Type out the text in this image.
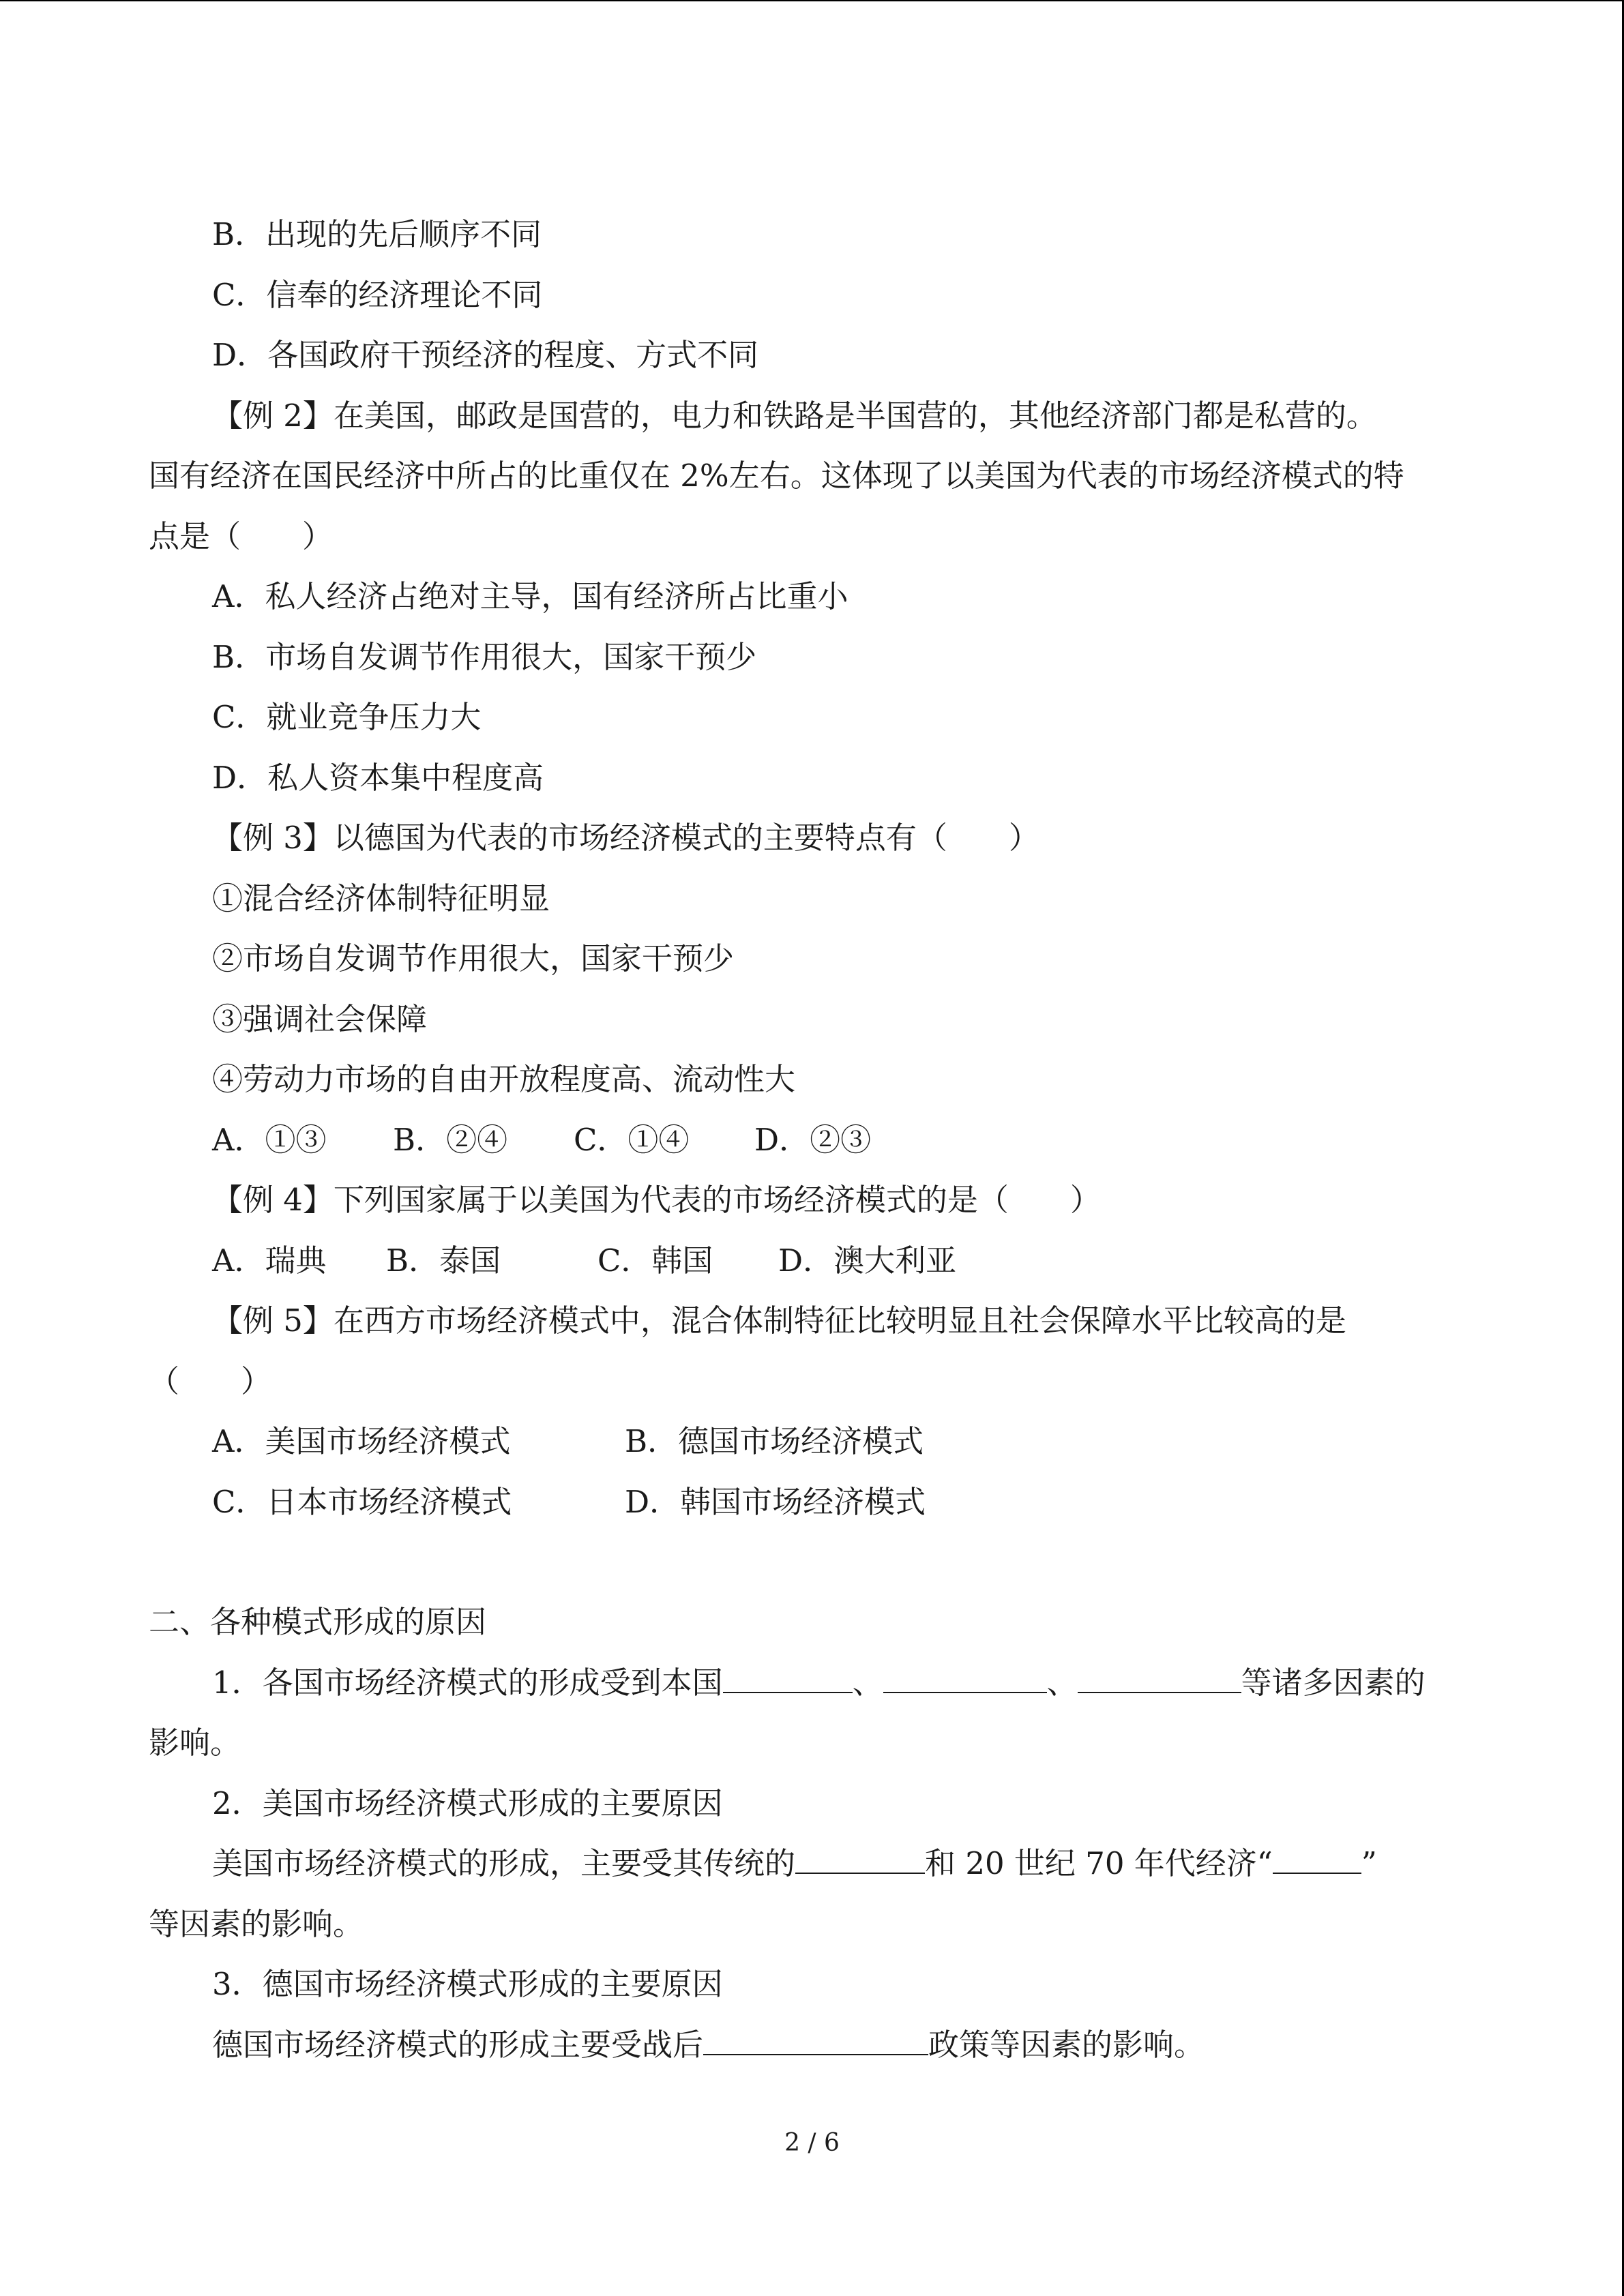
B．出现的先后顺序不同
C．信奉的经济理论不同
D．各国政府干预经济的程度、方式不同
【例 2】在美国，邮政是国营的，电力和铁路是半国营的，其他经济部门都是私营的。
国有经济在国民经济中所占的比重仅在 2%左右。这体现了以美国为代表的市场经济模式的特
点是（　　）
A．私人经济占绝对主导，国有经济所占比重小
B．市场自发调节作用很大，国家干预少
C．就业竞争压力大
D．私人资本集中程度高
【例 3】以德国为代表的市场经济模式的主要特点有（　　）
①混合经济体制特征明显
②市场自发调节作用很大，国家干预少
③强调社会保障
④劳动力市场的自由开放程度高、流动性大
A．①③ B．②④ C．①④ D．②③
【例 4】下列国家属于以美国为代表的市场经济模式的是（　　）
A．瑞典 B．泰国	C．韩国 D．澳大利亚
【例 5】在西方市场经济模式中，混合体制特征比较明显且社会保障水平比较高的是
（　　）
A．美国市场经济模式	B．德国市场经济模式
C．日本市场经济模式	D．韩国市场经济模式
二、各种模式形成的原因
1．各国市场经济模式的形成受到本国	、	、	等诸多因素的
影响。
2．美国市场经济模式形成的主要原因
美国市场经济模式的形成，主要受其传统的	和 20 世纪 70 年代经济“	”
等因素的影响。
3．德国市场经济模式形成的主要原因
德国市场经济模式的形成主要受战后	政策等因素的影响。
2 / 6
